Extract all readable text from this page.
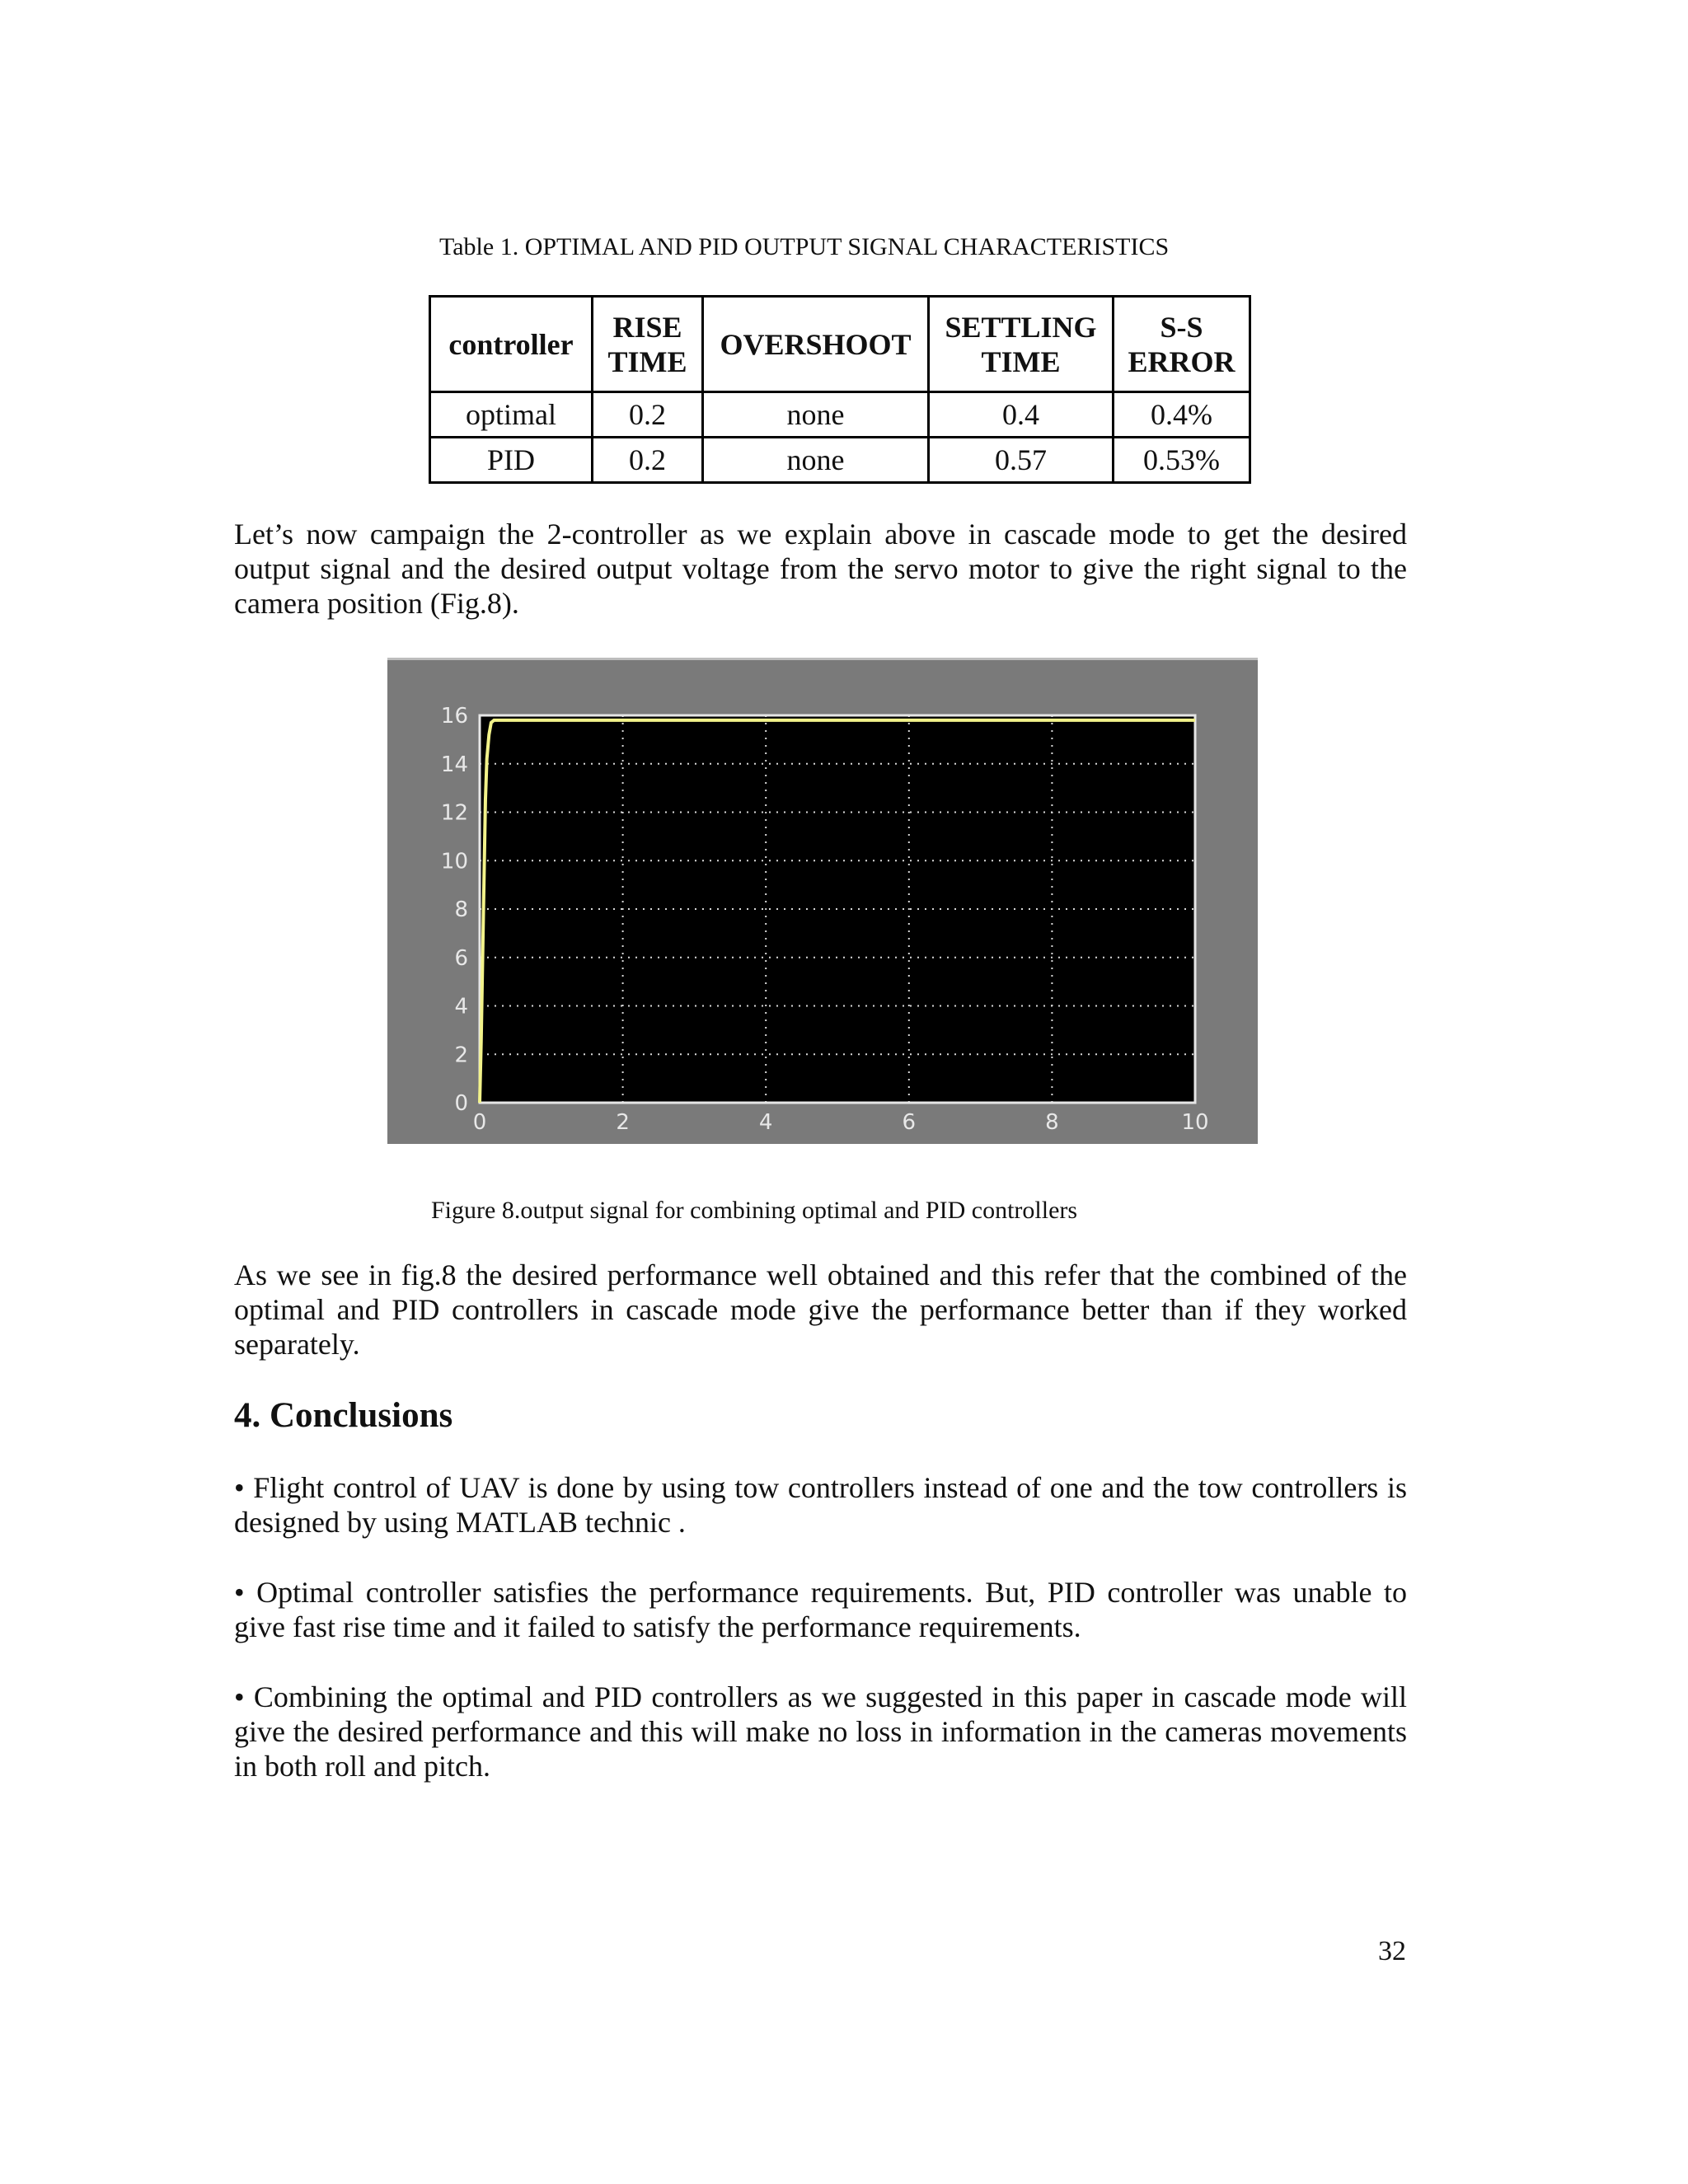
Table 1. OPTIMAL AND PID OUTPUT SIGNAL CHARACTERISTICS
controller	RISE TIME	OVERSHOOT	SETTLING TIME	S-S ERROR
optimal	0.2	none	0.4	0.4%
PID	0.2	none	0.57	0.53%

Let’s now campaign the 2-controller as we explain above in cascade mode to get the desired output signal and the desired output voltage from the servo motor to give the right signal to the camera position (Fig.8).

0	2	4	6	8	10
0
2
4
6
8
10
12
14
16
Figure 8.output signal for combining optimal and PID controllers

As we see in fig.8 the desired performance well obtained and this refer that the combined of the optimal and PID controllers in cascade mode give the performance better than if they worked separately.

4. Conclusions

• Flight control of UAV is done by using tow controllers instead of one and the tow controllers is designed by using MATLAB technic .

• Optimal controller satisfies the performance requirements. But, PID controller was unable to give fast rise time and it failed to satisfy the performance requirements.

• Combining the optimal and PID controllers as we suggested in this paper in cascade mode will give the desired performance and this will make no loss in information in the cameras movements in both roll and pitch.

32
